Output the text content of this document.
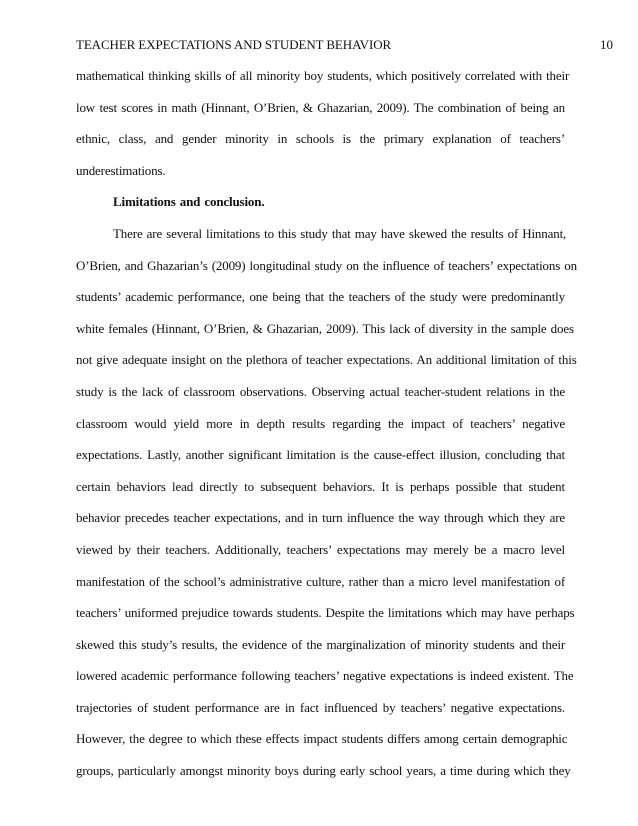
TEACHER EXPECTATIONS AND STUDENT BEHAVIOR	10
mathematical thinking skills of all minority boy students, which positively correlated with their
low test scores in math (Hinnant, O’Brien, & Ghazarian, 2009). The combination of being an
ethnic, class, and gender minority in schools is the primary explanation of teachers’
underestimations.
Limitations and conclusion.
There are several limitations to this study that may have skewed the results of Hinnant,
O’Brien, and Ghazarian’s (2009) longitudinal study on the influence of teachers’ expectations on
students’ academic performance, one being that the teachers of the study were predominantly
white females (Hinnant, O’Brien, & Ghazarian, 2009). This lack of diversity in the sample does
not give adequate insight on the plethora of teacher expectations. An additional limitation of this
study is the lack of classroom observations. Observing actual teacher-student relations in the
classroom would yield more in depth results regarding the impact of teachers’ negative
expectations. Lastly, another significant limitation is the cause-effect illusion, concluding that
certain behaviors lead directly to subsequent behaviors. It is perhaps possible that student
behavior precedes teacher expectations, and in turn influence the way through which they are
viewed by their teachers. Additionally, teachers’ expectations may merely be a macro level
manifestation of the school’s administrative culture, rather than a micro level manifestation of
teachers’ uniformed prejudice towards students. Despite the limitations which may have perhaps
skewed this study’s results, the evidence of the marginalization of minority students and their
lowered academic performance following teachers’ negative expectations is indeed existent. The
trajectories of student performance are in fact influenced by teachers’ negative expectations.
However, the degree to which these effects impact students differs among certain demographic
groups, particularly amongst minority boys during early school years, a time during which they
